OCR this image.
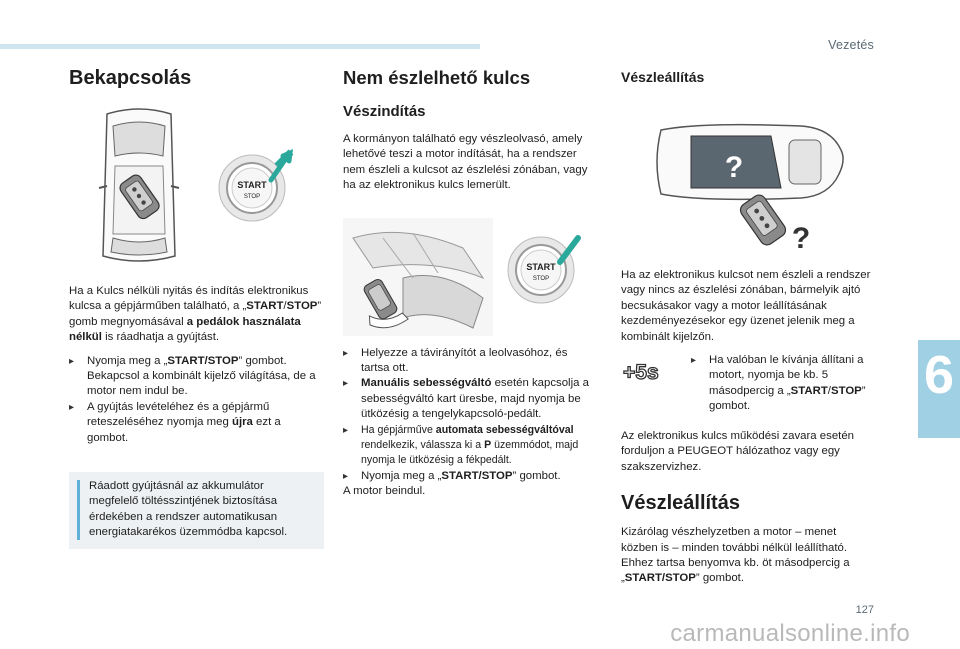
Vezetés
6
127
carmanualsonline.info
Bekapcsolás
START
STOP
Ha a Kulcs nélküli nyitás és indítás elektronikus kulcsa a gépjárműben található, a „START/STOP” gomb megnyomásával a pedálok használata nélkül is ráadhatja a gyújtást.
▸ Nyomja meg a „START/STOP” gombot.
Bekapcsol a kombinált kijelző világítása, de a motor nem indul be.
▸ A gyújtás levételéhez és a gépjármű reteszeléséhez nyomja meg újra ezt a gombot.
Ráadott gyújtásnál az akkumulátor megfelelő töltésszintjének biztosítása érdekében a rendszer automatikusan energiatakarékos üzemmódba kapcsol.
Nem észlelhető kulcs
Vészindítás
A kormányon található egy vészleolvasó, amely lehetővé teszi a motor indítását, ha a rendszer nem észleli a kulcsot az észlelési zónában, vagy ha az elektronikus kulcs lemerült.
START
STOP
▸ Helyezze a távirányítót a leolvasóhoz, és tartsa ott.
▸ Manuális sebességváltó esetén kapcsolja a sebességváltó kart üresbe, majd nyomja be ütközésig a tengelykapcsoló-pedált.
▸ Ha gépjárműve automata sebességváltóval rendelkezik, válassza ki a P üzemmódot, majd nyomja le ütközésig a fékpedált.
▸ Nyomja meg a „START/STOP” gombot.
A motor beindul.
Vészleállítás
?
?
Ha az elektronikus kulcsot nem észleli a rendszer vagy nincs az észlelési zónában, bármelyik ajtó becsukásakor vagy a motor leállításának kezdeményezésekor egy üzenet jelenik meg a kombinált kijelzőn.
+5s
▸ Ha valóban le kívánja állítani a motort, nyomja be kb. 5 másodpercig a „START/STOP” gombot.
Az elektronikus kulcs működési zavara esetén forduljon a PEUGEOT hálózathoz vagy egy szakszervizhez.
Vészleállítás
Kizárólag vészhelyzetben a motor – menet közben is – minden további nélkül leállítható. Ehhez tartsa benyomva kb. öt másodpercig a „START/STOP” gombot.
